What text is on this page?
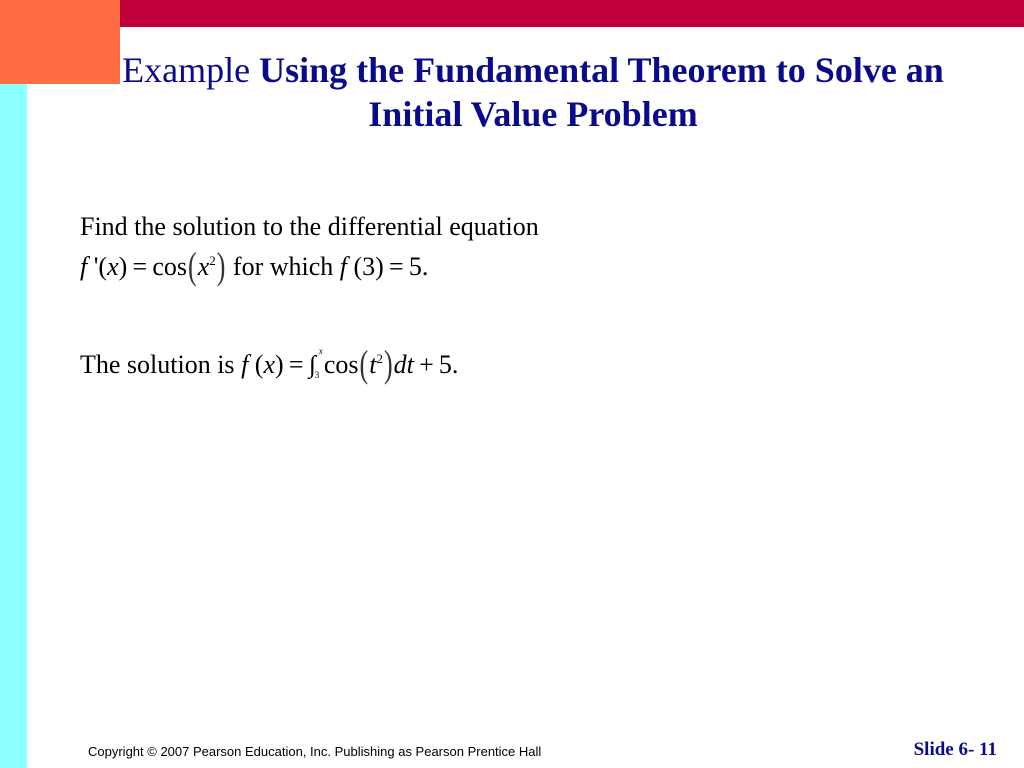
Example Using the Fundamental Theorem to Solve an Initial Value Problem
Find the solution to the differential equation
f '$(x) = \cos(x^2)$ for which f (3) = 5.
The solution is f (x) = ∫ x
3 $\cos(t^2)dt + 5$.
Copyright © 2007 Pearson Education, Inc. Publishing as Pearson Prentice Hall	Slide 6- 11
